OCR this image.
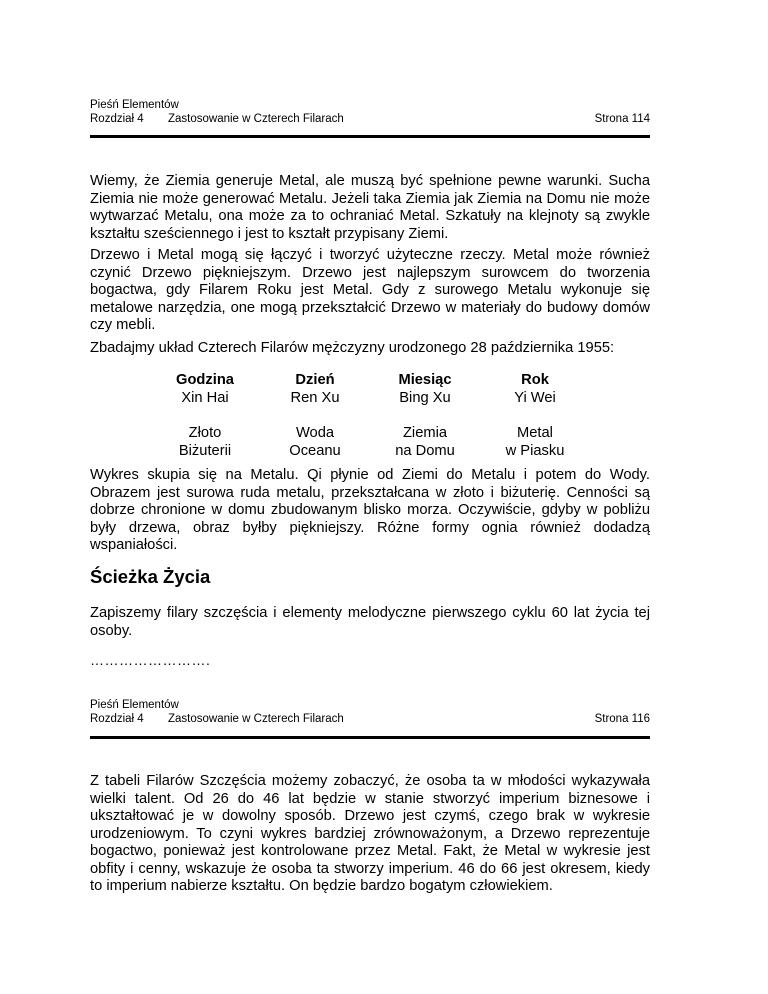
Pieśń Elementów
Rozdział 4 Zastosowanie w Czterech Filarach	Strona 114

Wiemy, że Ziemia generuje Metal, ale muszą być spełnione pewne warunki. Sucha Ziemia nie może generować Metalu. Jeżeli taka Ziemia jak Ziemia na Domu nie może wytwarzać Metalu, ona może za to ochraniać Metal. Szkatuły na klejnoty są zwykle kształtu sześciennego i jest to kształt przypisany Ziemi.

Drzewo i Metal mogą się łączyć i tworzyć użyteczne rzeczy. Metal może również czynić Drzewo piękniejszym. Drzewo jest najlepszym surowcem do tworzenia bogactwa, gdy Filarem Roku jest Metal. Gdy z surowego Metalu wykonuje się metalowe narzędzia, one mogą przekształcić Drzewo w materiały do budowy domów czy mebli.

Zbadajmy układ Czterech Filarów mężczyzny urodzonego 28 października 1955:

Godzina	Dzień	Miesiąc	Rok
Xin Hai	Ren Xu	Bing Xu	Yi Wei
Złoto	Woda	Ziemia	Metal
Biżuterii	Oceanu	na Domu	w Piasku

Wykres skupia się na Metalu. Qi płynie od Ziemi do Metalu i potem do Wody. Obrazem jest surowa ruda metalu, przekształcana w złoto i biżuterię. Cenności są dobrze chronione w domu zbudowanym blisko morza. Oczywiście, gdyby w pobliżu były drzewa, obraz byłby piękniejszy. Różne formy ognia również dodadzą wspaniałości.

Ścieżka Życia

Zapiszemy filary szczęścia i elementy melodyczne pierwszego cyklu 60 lat życia tej osoby.

…………………….
Pieśń Elementów
Rozdział 4 Zastosowanie w Czterech Filarach	Strona 116

Z tabeli Filarów Szczęścia możemy zobaczyć, że osoba ta w młodości wykazywała wielki talent. Od 26 do 46 lat będzie w stanie stworzyć imperium biznesowe i ukształtować je w dowolny sposób. Drzewo jest czymś, czego brak w wykresie urodzeniowym. To czyni wykres bardziej zrównoważonym, a Drzewo reprezentuje bogactwo, ponieważ jest kontrolowane przez Metal. Fakt, że Metal w wykresie jest obfity i cenny, wskazuje że osoba ta stworzy imperium. 46 do 66 jest okresem, kiedy to imperium nabierze kształtu. On będzie bardzo bogatym człowiekiem.
